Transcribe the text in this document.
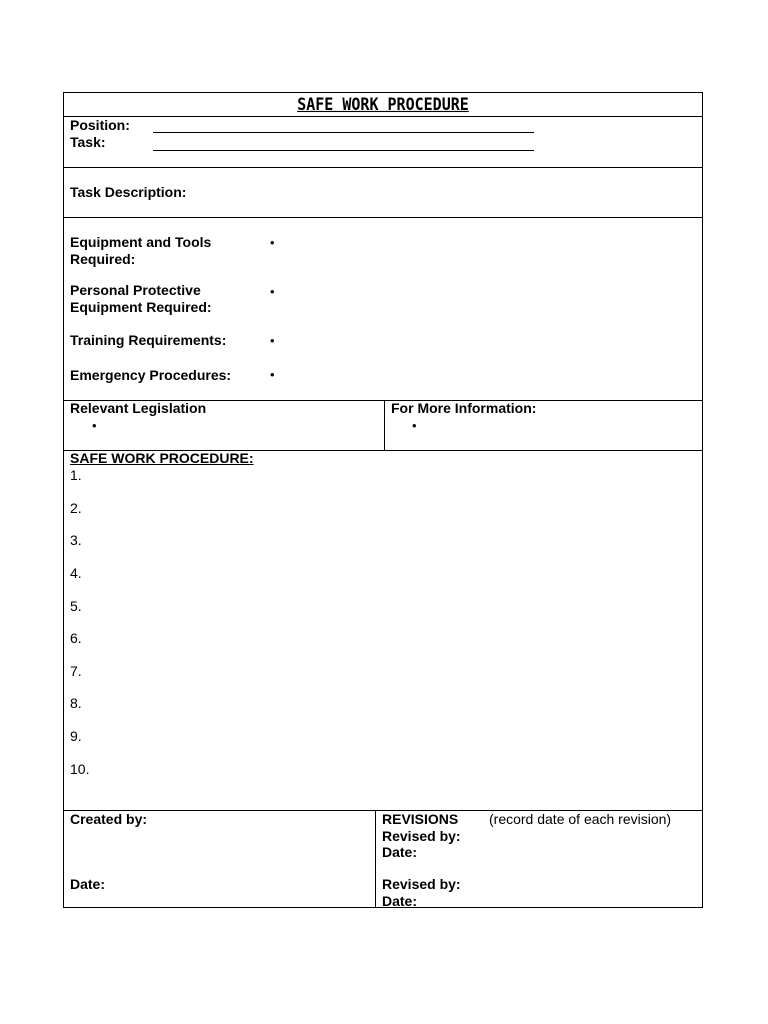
SAFE WORK PROCEDURE
Position:
Task:
Task Description:
Equipment and Tools
Required:
•
Personal Protective
Equipment Required:
•
Training Requirements:	•
Emergency Procedures:	•
Relevant Legislation
•
For More Information:
•
SAFE WORK PROCEDURE:
1.
2.
3.
4.
5.
6.
7.
8.
9.
10.
Created by:
Date:
REVISIONS (record date of each revision)
Revised by:
Date:
Revised by:
Date:
